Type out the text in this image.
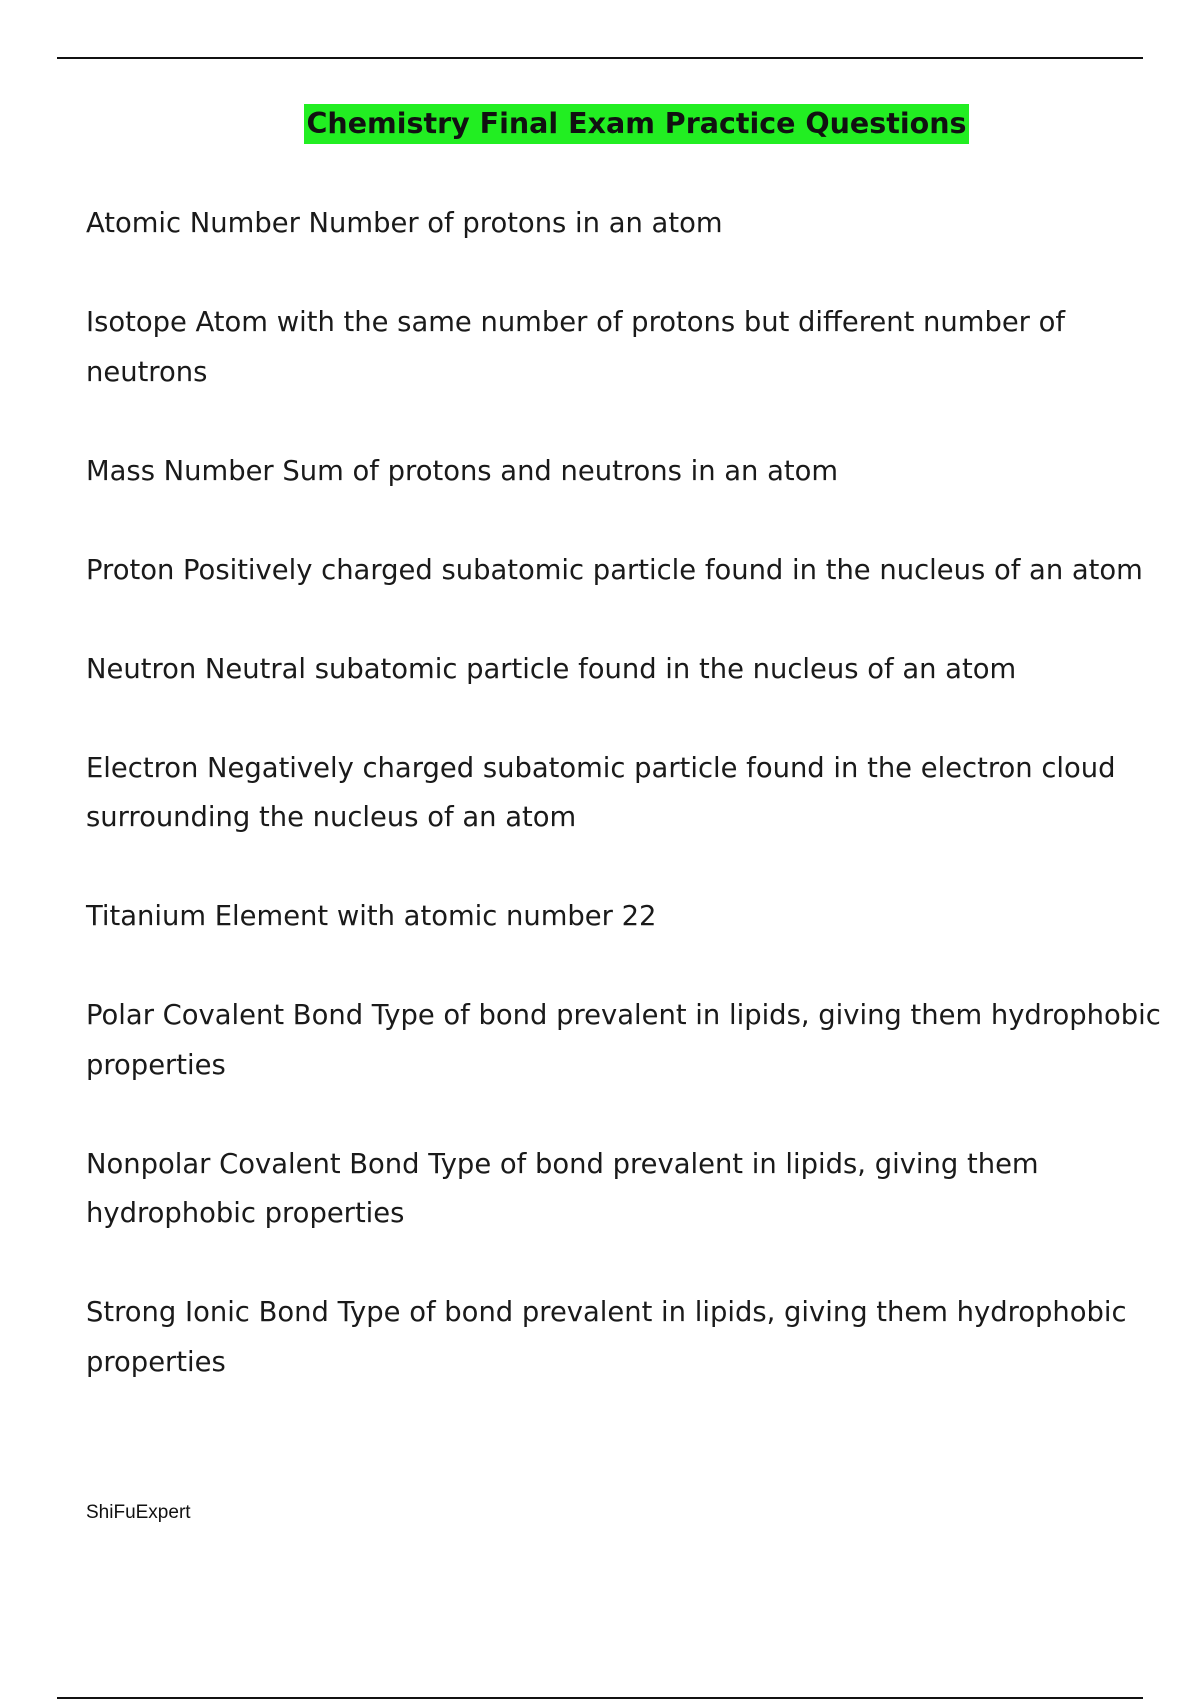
Chemistry Final Exam Practice Questions
Atomic Number Number of protons in an atom
Isotope Atom with the same number of protons but different number of neutrons
Mass Number Sum of protons and neutrons in an atom
Proton Positively charged subatomic particle found in the nucleus of an atom
Neutron Neutral subatomic particle found in the nucleus of an atom
Electron Negatively charged subatomic particle found in the electron cloud surrounding the nucleus of an atom
Titanium Element with atomic number 22
Polar Covalent Bond Type of bond prevalent in lipids, giving them hydrophobic properties
Nonpolar Covalent Bond Type of bond prevalent in lipids, giving them hydrophobic properties
Strong Ionic Bond Type of bond prevalent in lipids, giving them hydrophobic properties
ShiFuExpert
